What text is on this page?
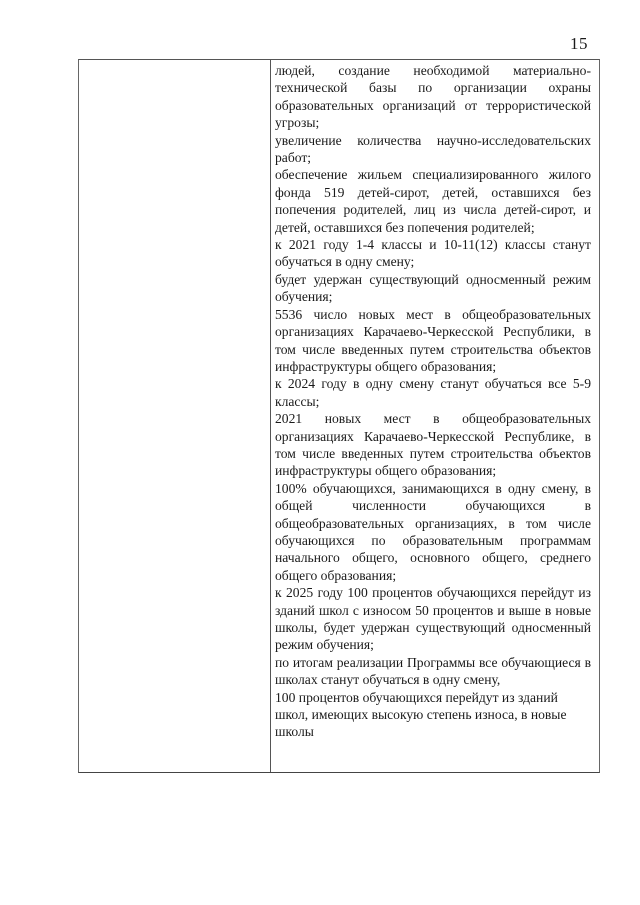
15

людей, создание необходимой материально-технической базы по организации охраны образовательных организаций от террористической угрозы;

увеличение количества научно-исследовательских работ;

обеспечение жильем специализированного жилого фонда 519 детей-сирот, детей, оставшихся без попечения родителей, лиц из числа детей-сирот, и детей, оставшихся без попечения родителей;

к 2021 году 1-4 классы и 10-11(12) классы станут обучаться в одну смену;

будет удержан существующий односменный режим обучения;

5536 число новых мест в общеобразовательных организациях Карачаево-Черкесской Республики, в том числе введенных путем строительства объектов инфраструктуры общего образования;

к 2024 году в одну смену станут обучаться все 5-9 классы;

2021 новых мест в общеобразовательных организациях Карачаево-Черкесской Республике, в том числе введенных путем строительства объектов инфраструктуры общего образования;

100% обучающихся, занимающихся в одну смену, в общей численности обучающихся в общеобразовательных организациях, в том числе обучающихся по образовательным программам начального общего, основного общего, среднего общего образования;

к 2025 году 100 процентов обучающихся перейдут из зданий школ с износом 50 процентов и выше в новые школы, будет удержан существующий односменный режим обучения;

по итогам реализации Программы все обучающиеся в школах станут обучаться в одну смену,

100 процентов обучающихся перейдут из зданий школ, имеющих высокую степень износа, в новые школы
